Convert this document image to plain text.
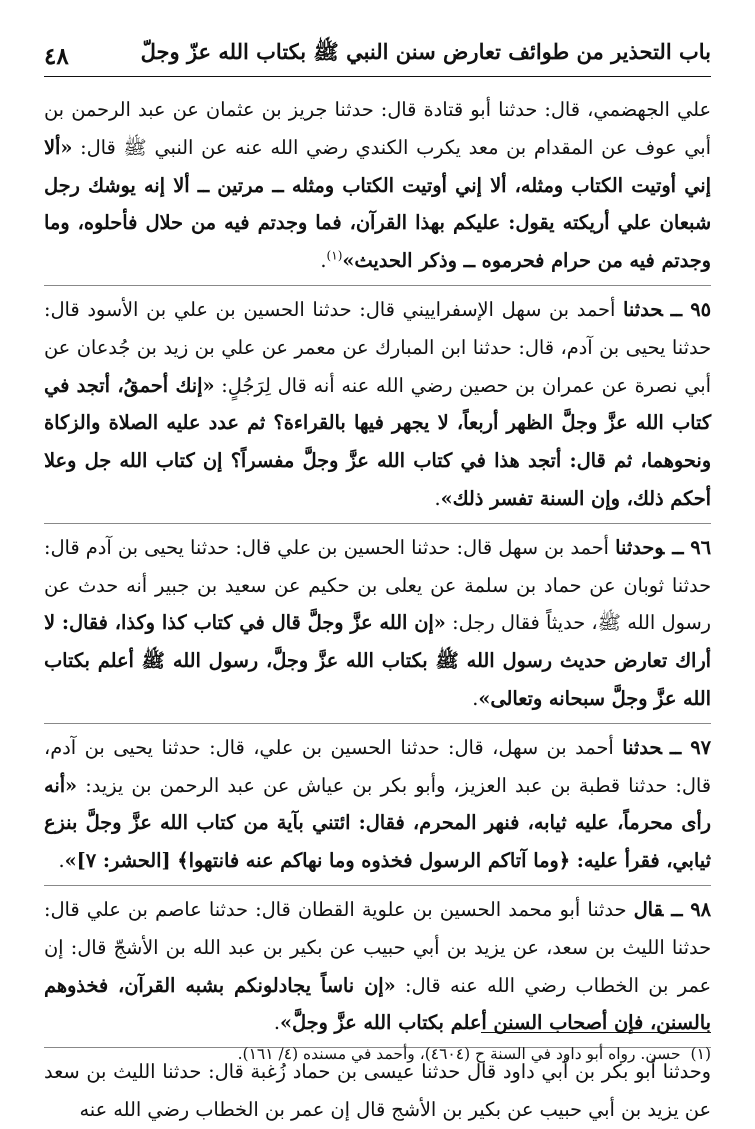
باب التحذير من طوائف تعارض سنن النبي ﷺ بكتاب الله عزّ وجلّ
٤٨

علي الجهضمي، قال: حدثنا أبو قتادة قال: حدثنا جريز بن عثمان عن عبد الرحمن بن أبي عوف عن المقدام بن معد يكرب الكندي رضي الله عنه عن النبي ﷺ قال: «ألا إني أوتيت الكتاب ومثله، ألا إني أوتيت الكتاب ومثله ــ مرتين ــ ألا إنه يوشك رجل شبعان علي أريكته يقول: عليكم بهذا القرآن، فما وجدتم فيه من حلال فأحلوه، وما وجدتم فيه من حرام فحرموه ــ وذكر الحديث»$^{(١)}$.

٩٥ ــحدثنا أحمد بن سهل الإسفراييني قال: حدثنا الحسين بن علي بن الأسود قال: حدثنا يحيى بن آدم، قال: حدثنا ابن المبارك عن معمر عن علي بن زيد بن جُدعان عن أبي نصرة عن عمران بن حصين رضي الله عنه أنه قال لِرَجُلٍ: «إنك أحمقُ، أتجد في كتاب الله عزَّ وجلَّ الظهر أربعاً، لا يجهر فيها بالقراءة؟ ثم عدد عليه الصلاة والزكاة ونحوهما، ثم قال: أتجد هذا في كتاب الله عزَّ وجلَّ مفسراً؟ إن كتاب الله جل وعلا أحكم ذلك، وإن السنة تفسر ذلك».

٩٦ ــوحدثنا أحمد بن سهل قال: حدثنا الحسين بن علي قال: حدثنا يحيى بن آدم قال: حدثنا ثوبان عن حماد بن سلمة عن يعلى بن حكيم عن سعيد بن جبير أنه حدث عن رسول الله ﷺ، حديثاً فقال رجل: «إن الله عزَّ وجلَّ قال في كتاب كذا وكذا، فقال: لا أراك تعارض حديث رسول الله ﷺ بكتاب الله عزَّ وجلَّ، رسول الله ﷺ أعلم بكتاب الله عزَّ وجلَّ سبحانه وتعالى».

٩٧ ــحدثنا أحمد بن سهل، قال: حدثنا الحسين بن علي، قال: حدثنا يحيى بن آدم، قال: حدثنا قطبة بن عبد العزيز، وأبو بكر بن عياش عن عبد الرحمن بن يزيد: «أنه رأى محرماً، عليه ثيابه، فنهر المحرم، فقال: ائتني بآية من كتاب الله عزَّ وجلَّ بنزع ثيابي، فقرأ عليه: ﴿وما آتاكم الرسول فخذوه وما نهاكم عنه فانتهوا﴾ [الحشر: ٧]».

٩٨ ــقال حدثنا أبو محمد الحسين بن علوية القطان قال: حدثنا عاصم بن علي قال: حدثنا الليث بن سعد، عن يزيد بن أبي حبيب عن بكير بن عبد الله بن الأشجّ قال: إن عمر بن الخطاب رضي الله عنه قال: «إن ناساً يجادلونكم بشبه القرآن، فخذوهم بالسنن، فإن أصحاب السنن أعلم بكتاب الله عزَّ وجلَّ».

وحدثنا أبو بكر بن أبي داود قال حدثنا عيسى بن حماد زُغبة قال: حدثنا الليث بن سعد عن يزيد بن أبي حبيب عن بكير بن الأشج قال إن عمر بن الخطاب رضي الله عنه

(١)حسن. رواه أبو داود في السنة ح (٤٦٠٤)، وأحمد في مسنده (٤/ ١٦١).
